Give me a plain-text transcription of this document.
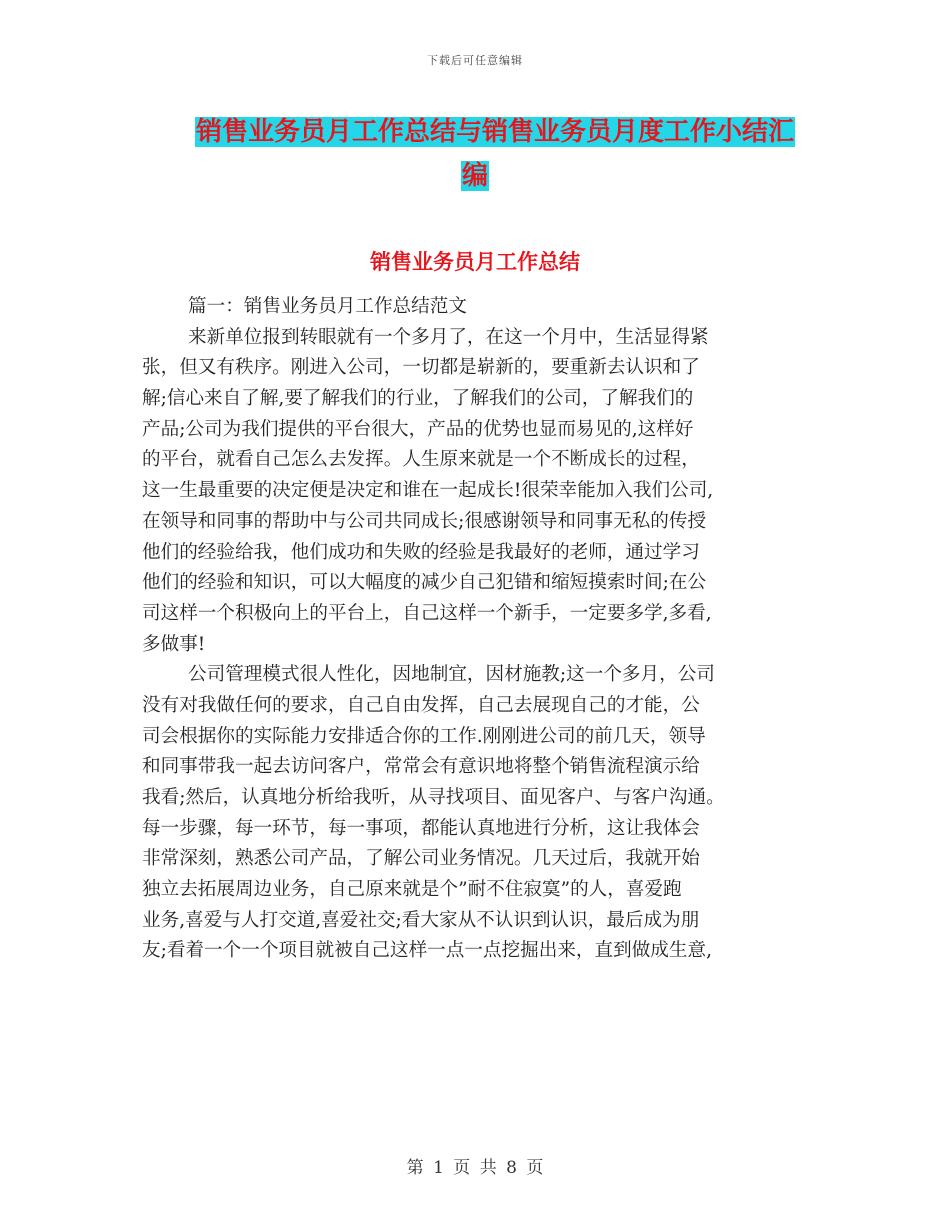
下载后可任意编辑
销售业务员月工作总结与销售业务员月度工作小结汇
编
销售业务员月工作总结
篇一：销售业务员月工作总结范文
来新单位报到转眼就有一个多月了，在这一个月中，生活显得紧
张，但又有秩序。刚进入公司，一切都是崭新的，要重新去认识和了
解;信心来自了解,要了解我们的行业，了解我们的公司，了解我们的
产品;公司为我们提供的平台很大，产品的优势也显而易见的,这样好
的平台，就看自己怎么去发挥。人生原来就是一个不断成长的过程，
这一生最重要的决定便是决定和谁在一起成长!很荣幸能加入我们公司,
在领导和同事的帮助中与公司共同成长;很感谢领导和同事无私的传授
他们的经验给我，他们成功和失败的经验是我最好的老师，通过学习
他们的经验和知识，可以大幅度的减少自己犯错和缩短摸索时间;在公
司这样一个积极向上的平台上，自己这样一个新手，一定要多学,多看,
多做事!
公司管理模式很人性化，因地制宜，因材施教;这一个多月，公司
没有对我做任何的要求，自己自由发挥，自己去展现自己的才能，公
司会根据你的实际能力安排适合你的工作.刚刚进公司的前几天，领导
和同事带我一起去访问客户，常常会有意识地将整个销售流程演示给
我看;然后，认真地分析给我听，从寻找项目、面见客户、与客户沟通。
每一步骤，每一环节，每一事项，都能认真地进行分析，这让我体会
非常深刻，熟悉公司产品，了解公司业务情况。几天过后，我就开始
独立去拓展周边业务，自己原来就是个”耐不住寂寞”的人，喜爱跑
业务,喜爱与人打交道,喜爱社交;看大家从不认识到认识，最后成为朋
友;看着一个一个项目就被自己这样一点一点挖掘出来，直到做成生意,
第 1 页 共 8 页
